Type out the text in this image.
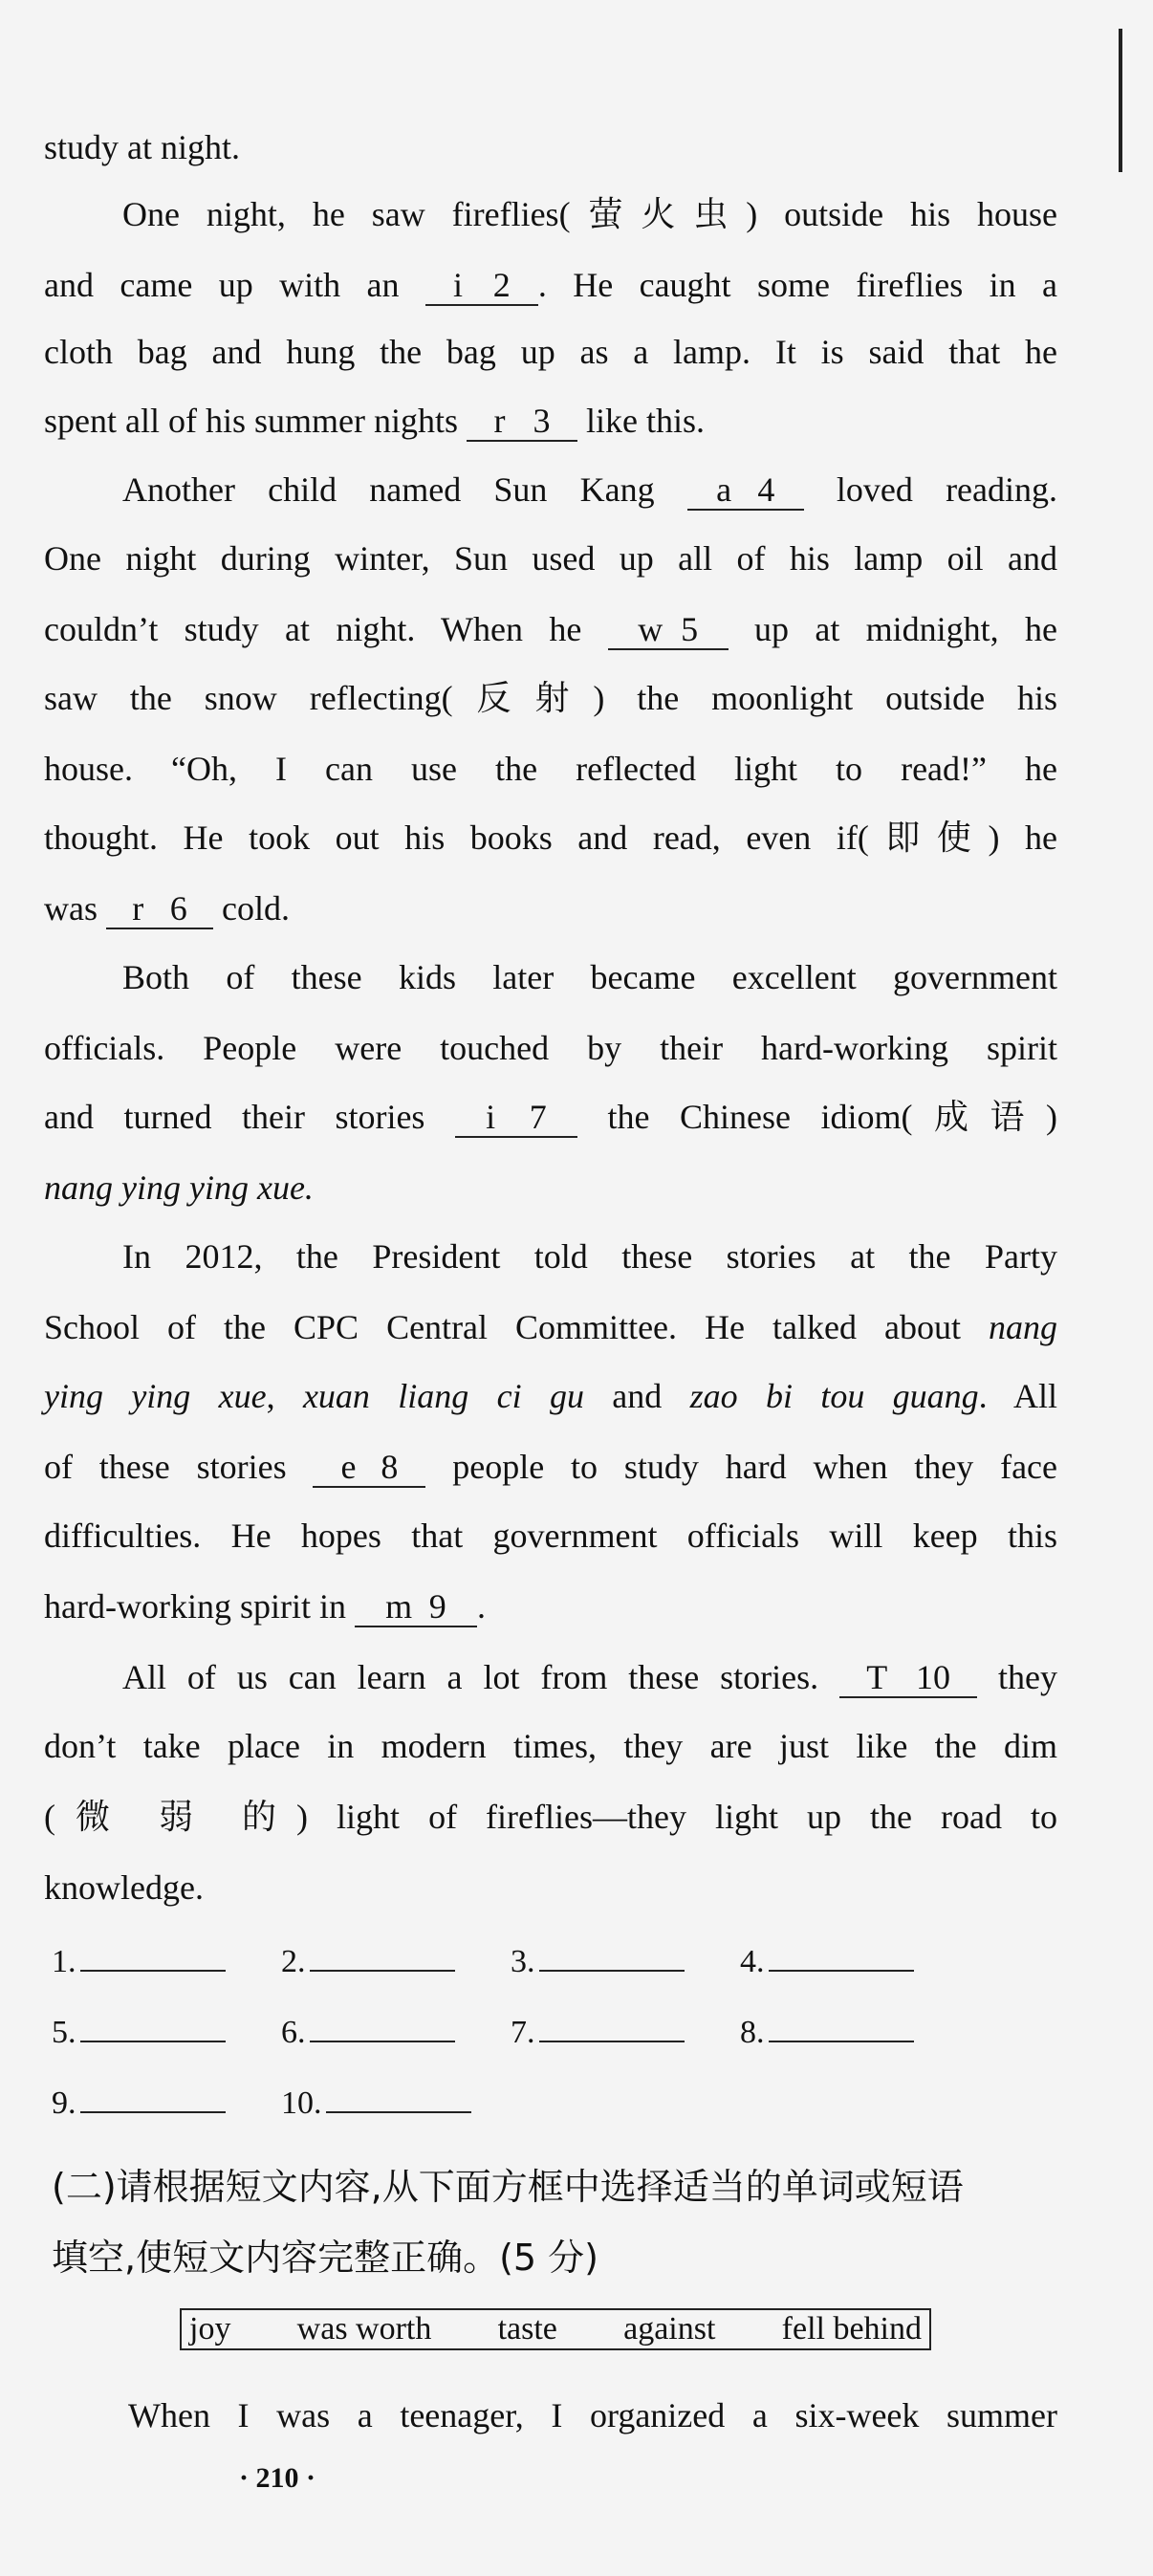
study at night.
One night, he saw fireflies(萤火虫) outside his house
and came up with an i 2 . He caught some fireflies in a
cloth bag and hung the bag up as a lamp. It is said that he
spent all of his summer nights r 3 like this.
Another child named Sun Kang a 4 loved reading.
One night during winter, Sun used up all of his lamp oil and
couldn’t study at night. When he w 5 up at midnight, he
saw the snow reflecting(反射) the moonlight outside his
house. “Oh, I can use the reflected light to read!” he
thought. He took out his books and read, even if(即使) he
was r 6 cold.
Both of these kids later became excellent government
officials. People were touched by their hard-working spirit
and turned their stories i 7 the Chinese idiom(成语)
nang ying ying xue.
In 2012, the President told these stories at the Party
School of the CPC Central Committee. He talked about nang
ying ying xue, xuan liang ci gu and zao bi tou guang. All
of these stories e 8 people to study hard when they face
difficulties. He hopes that government officials will keep this
hard-working spirit in m 9 .
All of us can learn a lot from these stories. T 10 they
don’t take place in modern times, they are just like the dim
(微 弱 的) light of fireflies—they light up the road to
knowledge.
1.	2.	3.	4.
5.	6.	7.	8.
9.	10.
(二)请根据短文内容,从下面方框中选择适当的单词或短语
填空,使短文内容完整正确。(5 分)
joy was worth taste against fell behind
When I was a teenager, I organized a six-week summer
· 210 ·
